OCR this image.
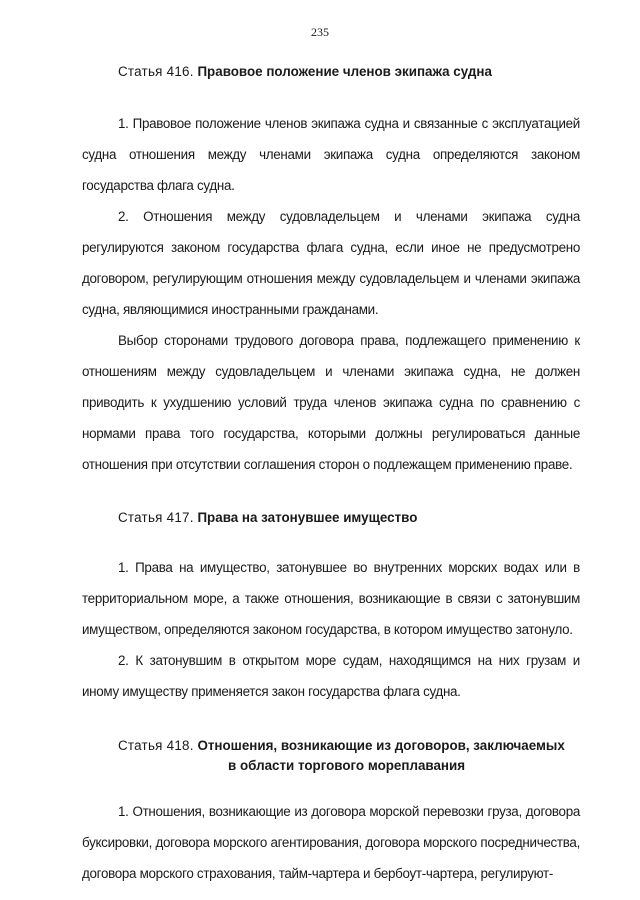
235

Статья 416. Правовое положение членов экипажа судна

1. Правовое положение членов экипажа судна и связанные с эксплуатацией судна отношения между членами экипажа судна определяются законом государства флага судна.

2. Отношения между судовладельцем и членами экипажа судна регулируются законом государства флага судна, если иное не предусмотрено договором, регулирующим отношения между судовладельцем и членами экипажа судна, являющимися иностранными гражданами.

Выбор сторонами трудового договора права, подлежащего применению к отношениям между судовладельцем и членами экипажа судна, не должен приводить к ухудшению условий труда членов экипажа судна по сравнению с нормами права того государства, которыми должны регулироваться данные отношения при отсутствии соглашения сторон о подлежащем применению праве.

Статья 417. Права на затонувшее имущество

1. Права на имущество, затонувшее во внутренних морских водах или в территориальном море, а также отношения, возникающие в связи с затонувшим имуществом, определяются законом государства, в котором имущество затонуло.

2. К затонувшим в открытом море судам, находящимся на них грузам и иному имуществу применяется закон государства флага судна.

Статья 418. Отношения, возникающие из договоров, заключаемых
в области торгового мореплавания

1. Отношения, возникающие из договора морской перевозки груза, договора буксировки, договора морского агентирования, договора морского посредничества, договора морского страхования, тайм-чартера и бербоут-чартера, регулируют-
